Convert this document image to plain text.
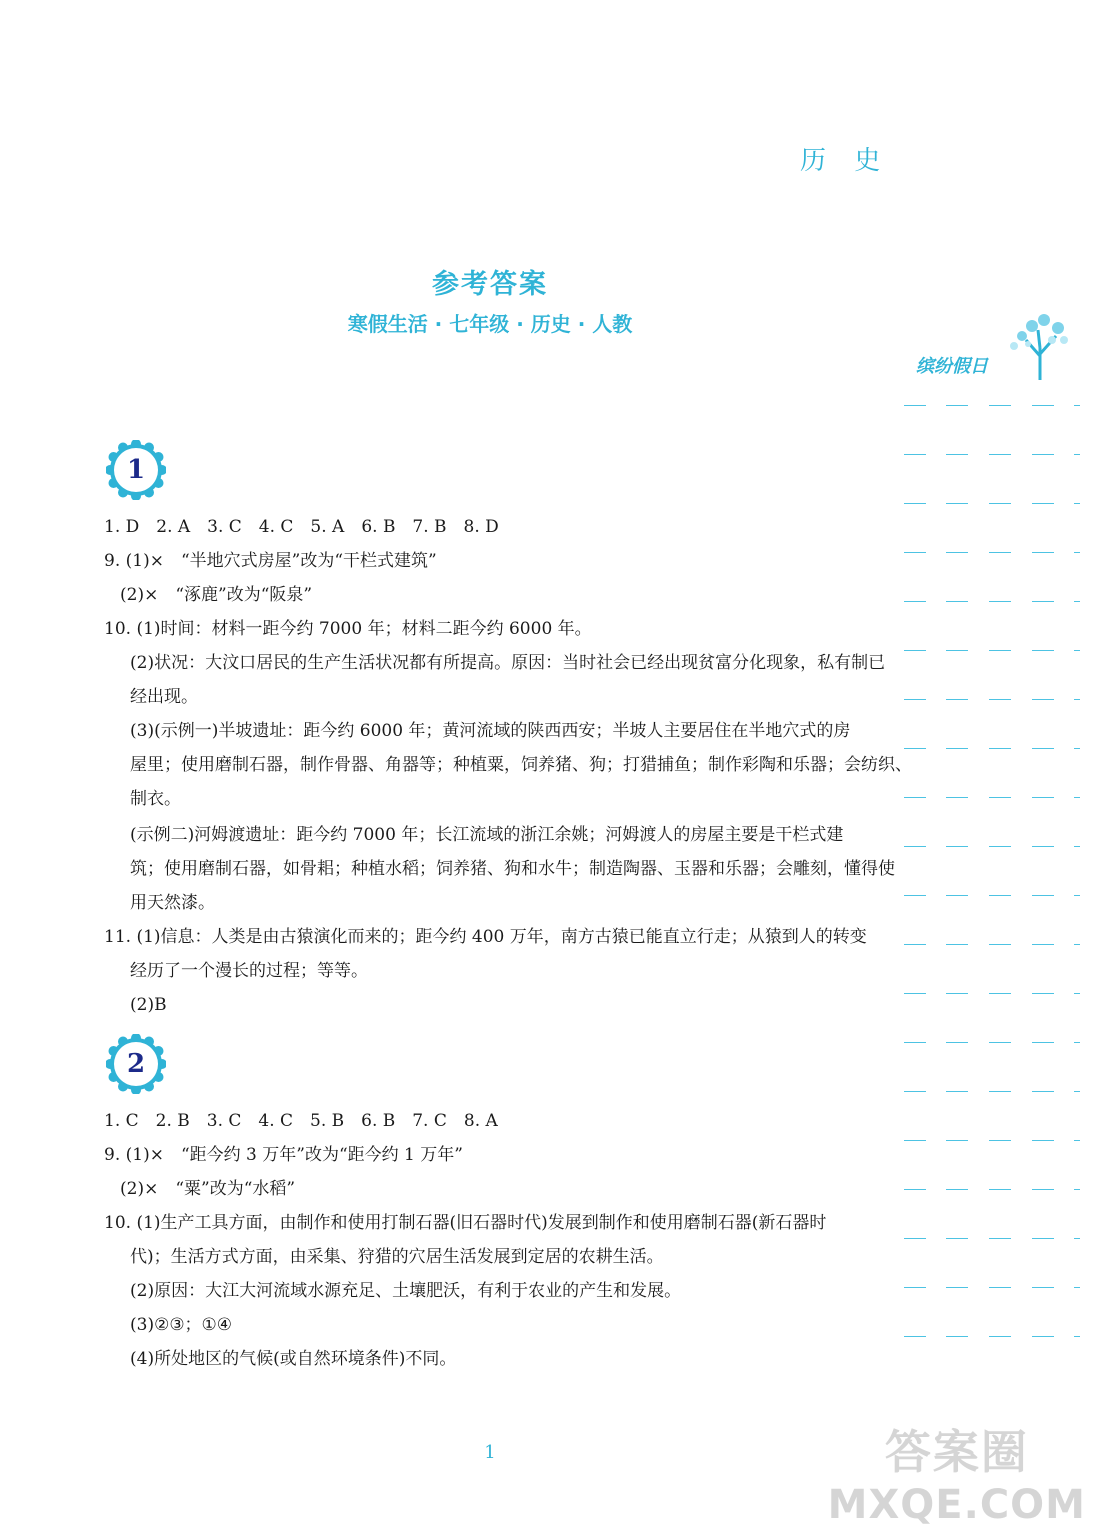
历 史
参考答案
寒假生活 · 七年级 · 历史 · 人教
缤纷假日
1
1. D　2. A　3. C　4. C　5. A　6. B　7. B　8. D
9. (1)×　“半地穴式房屋”改为“干栏式建筑”
(2)×　“涿鹿”改为“阪泉”
10. (1)时间：材料一距今约 7000 年；材料二距今约 6000 年。
(2)状况：大汶口居民的生产生活状况都有所提高。原因：当时社会已经出现贫富分化现象，私有制已
经出现。
(3)(示例一)半坡遗址：距今约 6000 年；黄河流域的陕西西安；半坡人主要居住在半地穴式的房
屋里；使用磨制石器，制作骨器、角器等；种植粟，饲养猪、狗；打猎捕鱼；制作彩陶和乐器；会纺织、
制衣。
(示例二)河姆渡遗址：距今约 7000 年；长江流域的浙江余姚；河姆渡人的房屋主要是干栏式建
筑；使用磨制石器，如骨耜；种植水稻；饲养猪、狗和水牛；制造陶器、玉器和乐器；会雕刻，懂得使
用天然漆。
11. (1)信息：人类是由古猿演化而来的；距今约 400 万年，南方古猿已能直立行走；从猿到人的转变
经历了一个漫长的过程；等等。
(2)B
2
1. C　2. B　3. C　4. C　5. B　6. B　7. C　8. A
9. (1)×　“距今约 3 万年”改为“距今约 1 万年”
(2)×　“粟”改为“水稻”
10. (1)生产工具方面，由制作和使用打制石器(旧石器时代)发展到制作和使用磨制石器(新石器时
代)；生活方式方面，由采集、狩猎的穴居生活发展到定居的农耕生活。
(2)原因：大江大河流域水源充足、土壤肥沃，有利于农业的产生和发展。
(3)②③；①④
(4)所处地区的气候(或自然环境条件)不同。
1	答案圈
MXQE.COM
